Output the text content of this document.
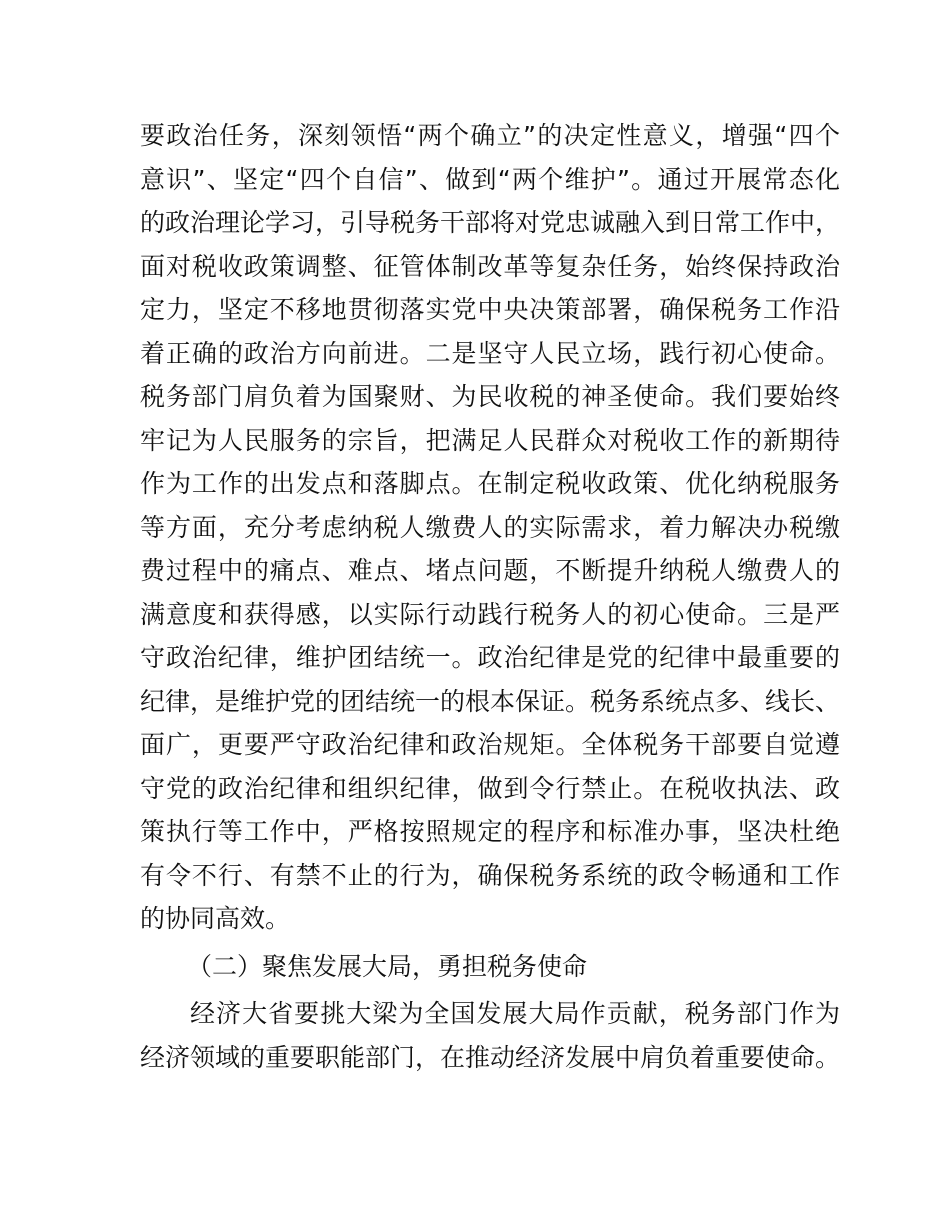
要政治任务，深刻领悟“两个确立”的决定性意义，增强“四个
意识”、坚定“四个自信”、做到“两个维护”。通过开展常态化
的政治理论学习，引导税务干部将对党忠诚融入到日常工作中，
面对税收政策调整、征管体制改革等复杂任务，始终保持政治
定力，坚定不移地贯彻落实党中央决策部署，确保税务工作沿
着正确的政治方向前进。二是坚守人民立场，践行初心使命。
税务部门肩负着为国聚财、为民收税的神圣使命。我们要始终
牢记为人民服务的宗旨，把满足人民群众对税收工作的新期待
作为工作的出发点和落脚点。在制定税收政策、优化纳税服务
等方面，充分考虑纳税人缴费人的实际需求，着力解决办税缴
费过程中的痛点、难点、堵点问题，不断提升纳税人缴费人的
满意度和获得感，以实际行动践行税务人的初心使命。三是严
守政治纪律，维护团结统一。政治纪律是党的纪律中最重要的
纪律，是维护党的团结统一的根本保证。税务系统点多、线长、
面广，更要严守政治纪律和政治规矩。全体税务干部要自觉遵
守党的政治纪律和组织纪律，做到令行禁止。在税收执法、政
策执行等工作中，严格按照规定的程序和标准办事，坚决杜绝
有令不行、有禁不止的行为，确保税务系统的政令畅通和工作
的协同高效。
（二）聚焦发展大局，勇担税务使命
经济大省要挑大梁为全国发展大局作贡献，税务部门作为
经济领域的重要职能部门，在推动经济发展中肩负着重要使命。
